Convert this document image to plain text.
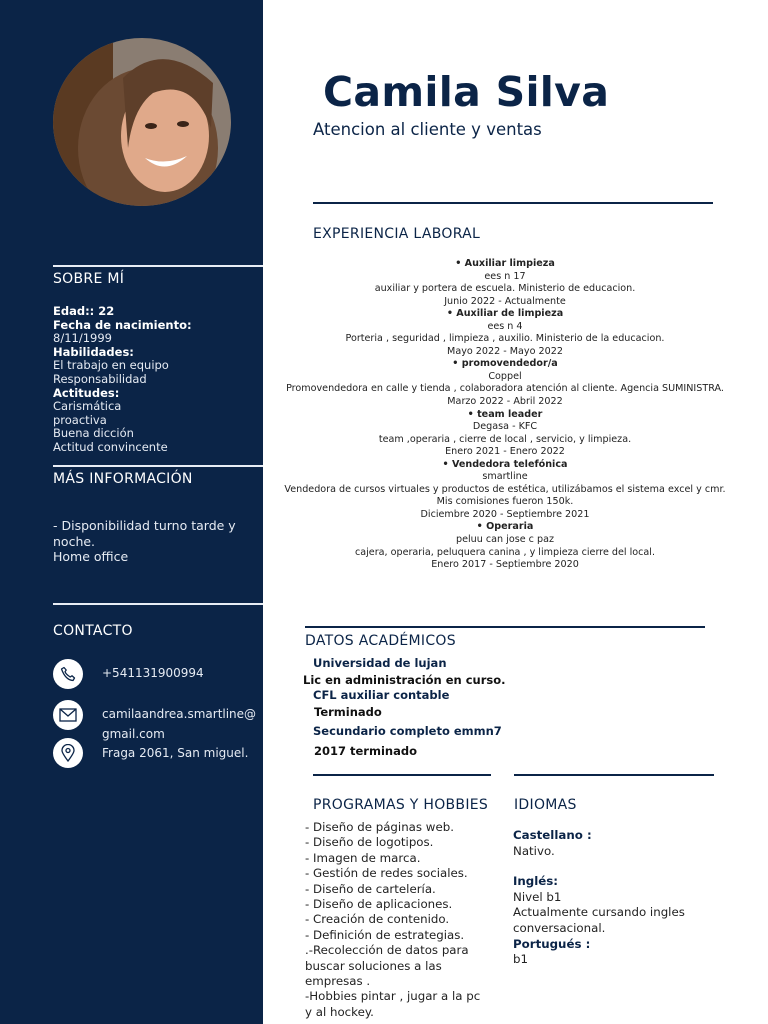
SOBRE MÍ
Edad:: 22
Fecha de nacimiento:
8/11/1999
Habilidades:
El trabajo en equipo
Responsabilidad
Actitudes:
Carismática
proactiva
Buena dicción
Actitud convincente
MÁS INFORMACIÓN
- Disponibilidad turno tarde y noche.
Home office
CONTACTO
+541131900994
camilaandrea.smartline@gmail.com
Fraga 2061, San miguel.
Camila Silva
Atencion al cliente y ventas
EXPERIENCIA LABORAL
• Auxiliar limpieza
ees n 17
auxiliar y portera de escuela. Ministerio de educacion.
Junio 2022 - Actualmente
• Auxiliar de limpieza
ees n 4
Porteria , seguridad , limpieza , auxilio. Ministerio de la educacion.
Mayo 2022 - Mayo 2022
• promovendedor/a
Coppel
Promovendedora en calle y tienda , colaboradora atención al cliente. Agencia SUMINISTRA.
Marzo 2022 - Abril 2022
• team leader
Degasa - KFC
team ,operaria , cierre de local , servicio, y limpieza.
Enero 2021 - Enero 2022
• Vendedora telefónica
smartline
Vendedora de cursos virtuales y productos de estética, utilizábamos el sistema excel y cmr.
Mis comisiones fueron 150k.
Diciembre 2020 - Septiembre 2021
• Operaria
peluu can jose c paz
cajera, operaria, peluquera canina , y limpieza cierre del local.
Enero 2017 - Septiembre 2020
DATOS ACADÉMICOS
Universidad de lujan
Lic en administración en curso.
CFL auxiliar contable
Terminado
Secundario completo emmn7
2017 terminado
PROGRAMAS Y HOBBIES
- Diseño de páginas web.
- Diseño de logotipos.
- Imagen de marca.
- Gestión de redes sociales.
- Diseño de cartelería.
- Diseño de aplicaciones.
- Creación de contenido.
- Definición de estrategias.
.-Recolección de datos para buscar soluciones a las empresas .
-Hobbies pintar , jugar a la pc y al hockey.
IDIOMAS
Castellano :
Nativo.
Inglés:
Nivel b1
Actualmente cursando ingles conversacional.
Portugués :
b1
